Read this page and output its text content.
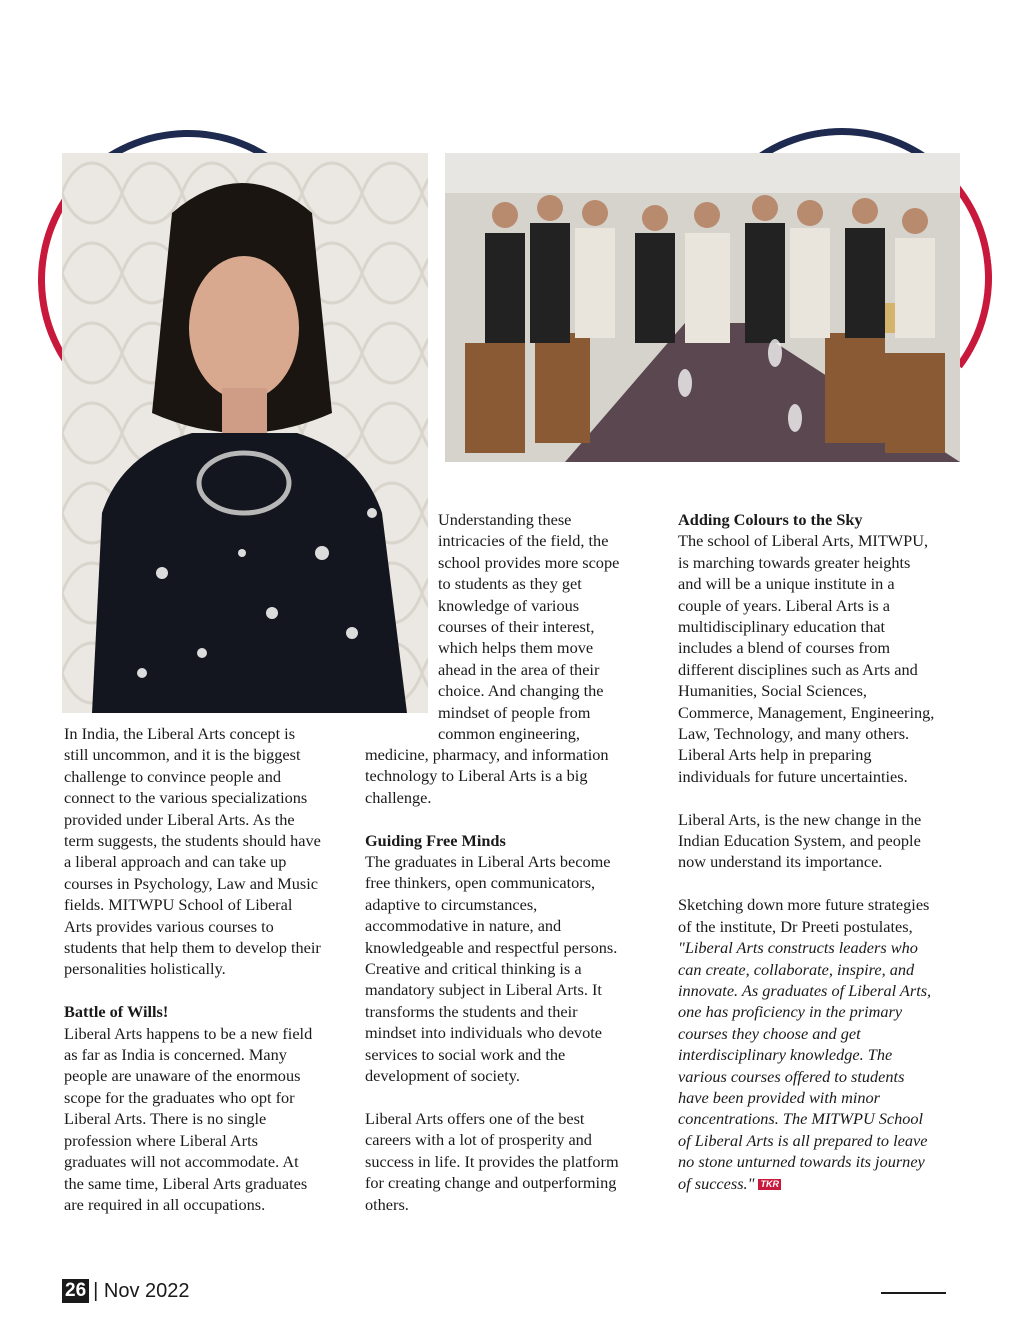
In India, the Liberal Arts concept is

still uncommon, and it is the biggest

challenge to convince people and

connect to the various specializations

provided under Liberal Arts. As the

term suggests, the students should have

a liberal approach and can take up

courses in Psychology, Law and Music

fields. MITWPU School of Liberal

Arts provides various courses to

students that help them to develop their

personalities holistically.

Battle of Wills!

Liberal Arts happens to be a new field

as far as India is concerned. Many

people are unaware of the enormous

scope for the graduates who opt for

Liberal Arts. There is no single

profession where Liberal Arts

graduates will not accommodate. At

the same time, Liberal Arts graduates

are required in all occupations.

Understanding these

intricacies of the field, the

school provides more scope

to students as they get

knowledge of various

courses of their interest,

which helps them move

ahead in the area of their

choice. And changing the

mindset of people from

common engineering,

medicine, pharmacy, and information

technology to Liberal Arts is a big

challenge.

Guiding Free Minds

The graduates in Liberal Arts become

free thinkers, open communicators,

adaptive to circumstances,

accommodative in nature, and

knowledgeable and respectful persons.

Creative and critical thinking is a

mandatory subject in Liberal Arts. It

transforms the students and their

mindset into individuals who devote

services to social work and the

development of society.

Liberal Arts offers one of the best

careers with a lot of prosperity and

success in life. It provides the platform

for creating change and outperforming

others.

Adding Colours to the Sky

The school of Liberal Arts, MITWPU,

is marching towards greater heights

and will be a unique institute in a

couple of years. Liberal Arts is a

multidisciplinary education that

includes a blend of courses from

different disciplines such as Arts and

Humanities, Social Sciences,

Commerce, Management, Engineering,

Law, Technology, and many others.

Liberal Arts help in preparing

individuals for future uncertainties.

Liberal Arts, is the new change in the

Indian Education System, and people

now understand its importance.

Sketching down more future strategies

of the institute, Dr Preeti postulates,

"Liberal Arts constructs leaders who

can create, collaborate, inspire, and

innovate. As graduates of Liberal Arts,

one has proficiency in the primary

courses they choose and get

interdisciplinary knowledge. The

various courses offered to students

have been provided with minor

concentrations. The MITWPU School

of Liberal Arts is all prepared to leave

no stone unturned towards its journey

of success." TKR

26 | Nov 2022
